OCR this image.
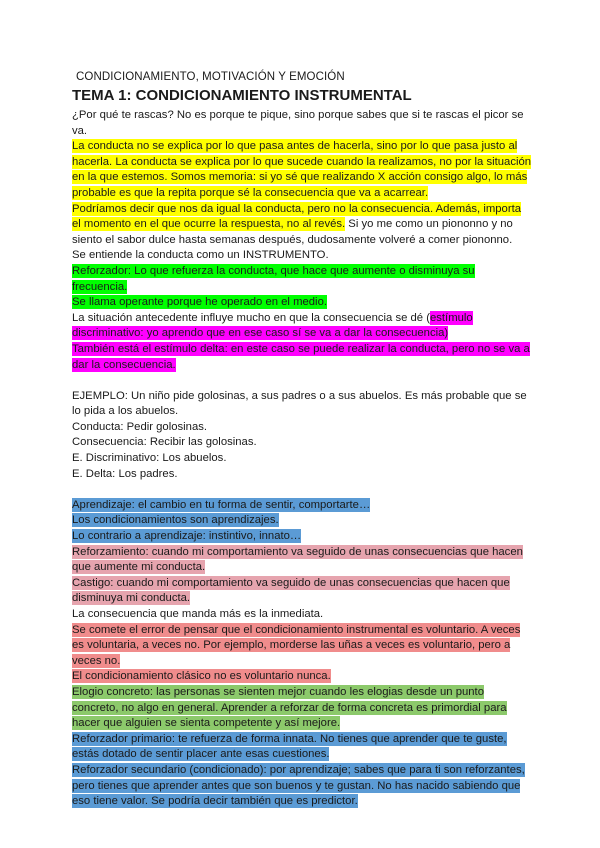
CONDICIONAMIENTO, MOTIVACIÓN Y EMOCIÓN
TEMA 1: CONDICIONAMIENTO INSTRUMENTAL

¿Por qué te rascas? No es porque te pique, sino porque sabes que si te rascas el picor se va.

La conducta no se explica por lo que pasa antes de hacerla, sino por lo que pasa justo al hacerla. La conducta se explica por lo que sucede cuando la realizamos, no por la situación en la que estemos. Somos memoria: si yo sé que realizando X acción consigo algo, lo más probable es que la repita porque sé la consecuencia que va a acarrear.

Podríamos decir que nos da igual la conducta, pero no la consecuencia. Además, importa el momento en el que ocurre la respuesta, no al revés. Si yo me como un piononno y no siento el sabor dulce hasta semanas después, dudosamente volveré a comer piononno.

Se entiende la conducta como un INSTRUMENTO.

Reforzador: Lo que refuerza la conducta, que hace que aumente o disminuya su frecuencia.

Se llama operante porque he operado en el medio.

La situación antecedente influye mucho en que la consecuencia se dé (estímulo discriminativo: yo aprendo que en ese caso sí se va a dar la consecuencia)

También está el estímulo delta: en este caso se puede realizar la conducta, pero no se va a dar la consecuencia.

EJEMPLO: Un niño pide golosinas, a sus padres o a sus abuelos. Es más probable que se lo pida a los abuelos.

Conducta: Pedir golosinas.

Consecuencia: Recibir las golosinas.

E. Discriminativo: Los abuelos.

E. Delta: Los padres.

Aprendizaje: el cambio en tu forma de sentir, comportarte…

Los condicionamientos son aprendizajes.

Lo contrario a aprendizaje: instintivo, innato…

Reforzamiento: cuando mi comportamiento va seguido de unas consecuencias que hacen que aumente mi conducta.

Castigo: cuando mi comportamiento va seguido de unas consecuencias que hacen que disminuya mi conducta.

La consecuencia que manda más es la inmediata.

Se comete el error de pensar que el condicionamiento instrumental es voluntario. A veces es voluntaria, a veces no. Por ejemplo, morderse las uñas a veces es voluntario, pero a veces no.

El condicionamiento clásico no es voluntario nunca.

Elogio concreto: las personas se sienten mejor cuando les elogias desde un punto concreto, no algo en general. Aprender a reforzar de forma concreta es primordial para hacer que alguien se sienta competente y así mejore.

Reforzador primario: te refuerza de forma innata. No tienes que aprender que te guste, estás dotado de sentir placer ante esas cuestiones.

Reforzador secundario (condicionado): por aprendizaje; sabes que para ti son reforzantes, pero tienes que aprender antes que son buenos y te gustan. No has nacido sabiendo que eso tiene valor. Se podría decir también que es predictor.
